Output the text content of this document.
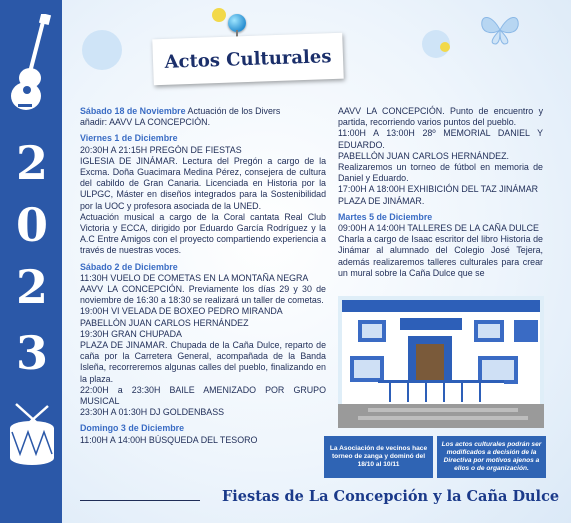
2
0
2
3
Actos Culturales
Sábado 18 de Noviembre Actuación de los Divers
añadir: AAVV LA CONCEPCIÓN.
Viernes 1 de Diciembre
20:30H A 21:15H PREGÓN DE FIESTAS
IGLESIA DE JINÁMAR. Lectura del Pregón a cargo de la Excma. Doña Guacimara Medina Pérez, consejera de cultura del cabildo de Gran Canaria. Licenciada en Historia por la ULPGC, Máster en diseños integrados para la Sostenibilidad por la UOC y profesora asociada de la UNED.
Actuación musical a cargo de la Coral cantata Real Club Victoria y ECCA, dirigido por Eduardo García Rodríguez y la A.C Entre Amigos con el proyecto compartiendo experiencia a través de nuestras voces.
Sábado 2 de Diciembre
11:30H VUELO DE COMETAS EN LA MONTAÑA NEGRA
AAVV LA CONCEPCIÓN. Previamente los días 29 y 30 de noviembre de 16:30 a 18:30 se realizará un taller de cometas.
19:00H VI VELADA DE BOXEO PEDRO MIRANDA
PABELLÓN JUAN CARLOS HERNÁNDEZ
19:30H GRAN CHUPADA
PLAZA DE JINAMAR. Chupada de la Caña Dulce, reparto de caña por la Carretera General, acompañada de la Banda Isleña, recorreremos algunas calles del pueblo, finalizando en la plaza.
22:00H a 23:30H BAILE AMENIZADO POR GRUPO MUSICAL
23:30H A 01:30H DJ GOLDENBASS
Domingo 3 de Diciembre
11:00H A 14:00H BÚSQUEDA DEL TESORO
AAVV LA CONCEPCIÓN. Punto de encuentro y partida, recorriendo varios puntos del pueblo.
11:00H A 13:00H 28º MEMORIAL DANIEL Y EDUARDO.
PABELLÓN JUAN CARLOS HERNÁNDEZ.
Realizaremos un torneo de fútbol en memoria de Daniel y Eduardo.
17:00H A 18:00H EXHIBICIÓN DEL TAZ JINÁMAR
PLAZA DE JINÁMAR.
Martes 5 de Diciembre
09:00H A 14:00H TALLERES DE LA CAÑA DULCE
Charla a cargo de Isaac escritor del libro Historia de Jinámar al alumnado del Colegio José Tejera, además realizaremos talleres culturales para crear un mural sobre la Caña Dulce que se
La Asociación de vecinos hace torneo de zanga y dominó del 18/10 al 10/11
Los actos culturales podrán ser modificados a decisión de la Directiva por motivos ajenos a ellos o de organización.
Fiestas de La Concepción y la Caña Dulce
